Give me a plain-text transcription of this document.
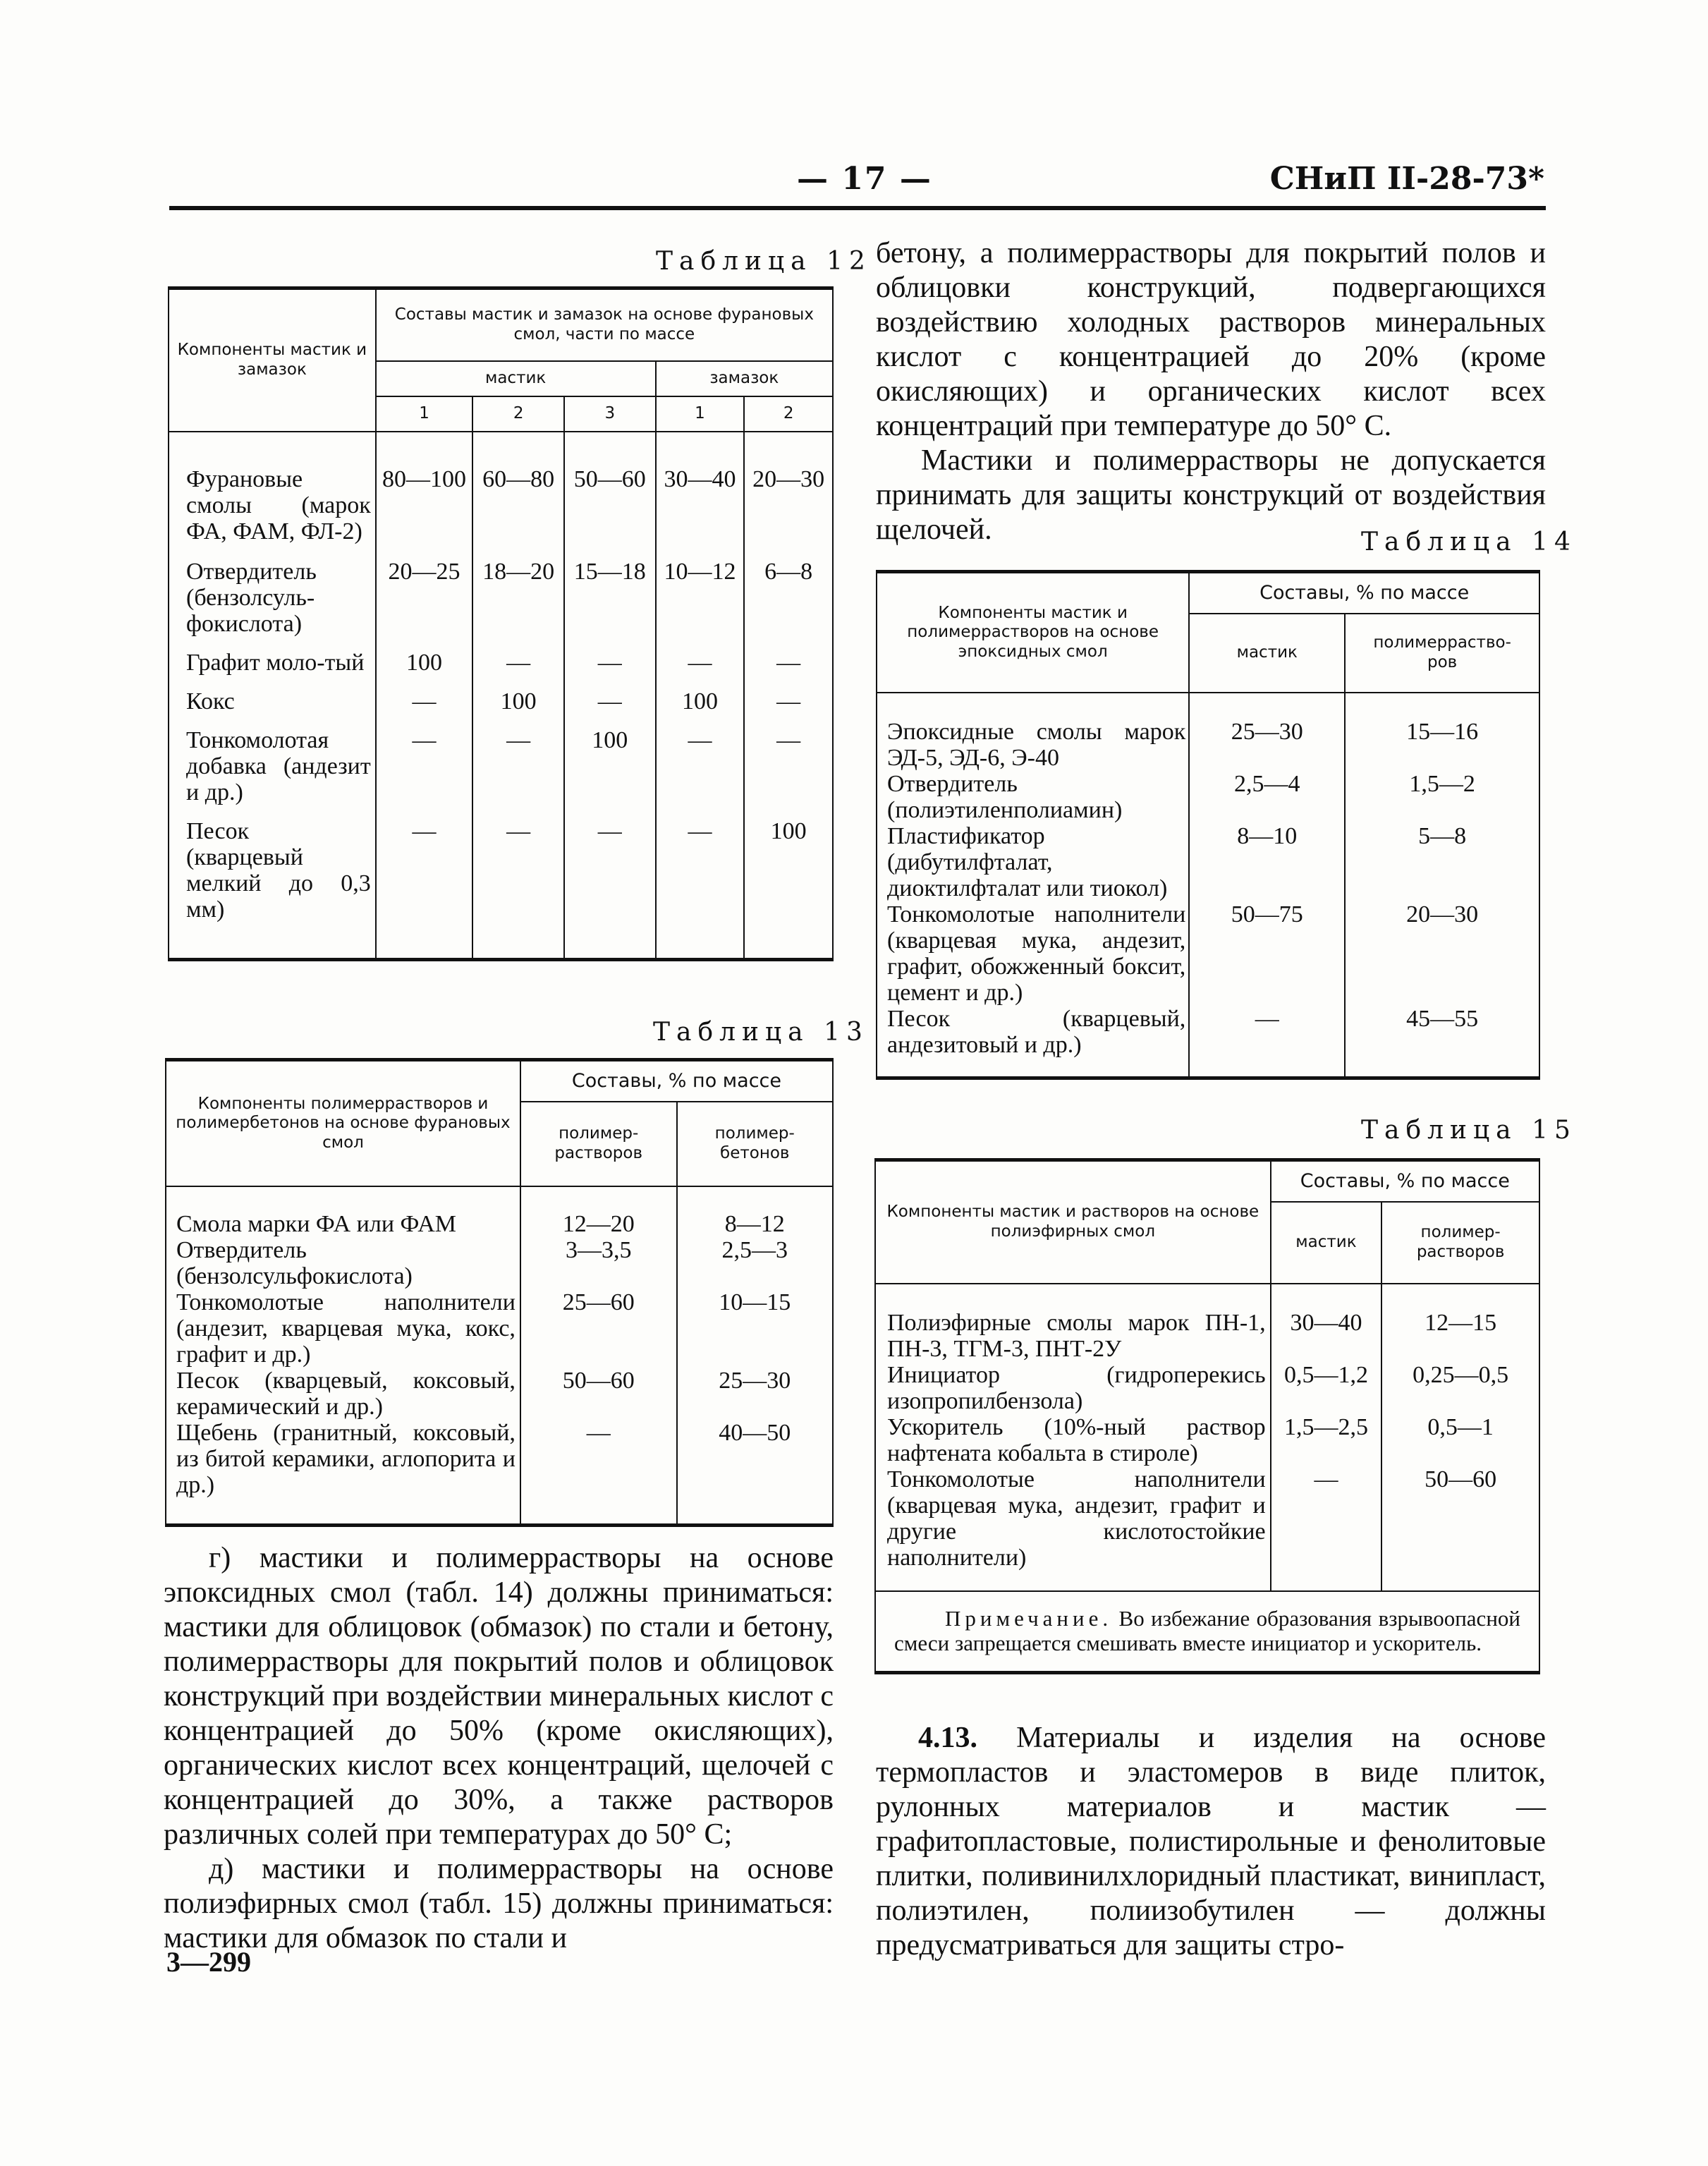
— 17 —	СНиП II-28-73*
Таблица 12
Компоненты мастик и замазок	Составы мастик и замазок на основе фурановых смол, части по массе				
	мастик			замазок	
	1	2	3	1	2
Фурановые смолы (марок ФА, ФАМ, ФЛ-2)	80—100	60—80	50—60	30—40	20—30
Отвердитель (бензолсуль-фокислота)	20—25	18—20	15—18	10—12	6—8
Графит моло-тый	100	—	—	—	—
Кокс	—	100	—	100	—
Тонкомолотая добавка (андезит и др.)	—	—	100	—	—
Песок (кварцевый мелкий до 0,3 мм)	—	—	—	—	100
Таблица 13
Компоненты полимеррастворов и полимербетонов на основе фурановых смол	Составы, % по массе	
	полимер-растворов	полимер-бетонов
Смола марки ФА или ФАМ	12—20	8—12
Отвердитель (бензолсульфокислота)	3—3,5	2,5—3
Тонкомолотые наполнители (андезит, кварцевая мука, кокс, графит и др.)	25—60	10—15
Песок (кварцевый, коксовый, керамический и др.)	50—60	25—30
Щебень (гранитный, коксовый, из битой керамики, аглопорита и др.)	—	40—50

г) мастики и полимеррастворы на основе эпоксидных смол (табл. 14) должны приниматься: мастики для облицовок (обмазок) по стали и бетону, полимеррастворы для покрытий полов и облицовок конструкций при воздействии минеральных кислот с концентрацией до 50% (кроме окисляющих), органических кислот всех концентраций, щелочей с концентрацией до 30%, а также растворов различных солей при температурах до 50° С;

д) мастики и полимеррастворы на основе полиэфирных смол (табл. 15) должны приниматься: мастики для обмазок по стали и

3—299

бетону, а полимеррастворы для покрытий полов и облицовки конструкций, подвергающихся воздействию холодных растворов минеральных кислот с концентрацией до 20% (кроме окисляющих) и органических кислот всех концентраций при температуре до 50° С.

Мастики и полимеррастворы не допускается принимать для защиты конструкций от воздействия щелочей.	Таблица 14
Компоненты мастик и полимеррастворов на основе эпоксидных смол	Составы, % по массе	
	мастик	полимерраство-ров
Эпоксидные смолы марок ЭД-5, ЭД-6, Э-40	25—30	15—16
Отвердитель (полиэтиленполиамин)	2,5—4	1,5—2
Пластификатор (дибутилфталат, диоктилфталат или тиокол)	8—10	5—8
Тонкомолотые наполнители (кварцевая мука, андезит, графит, обожженный боксит, цемент и др.)	50—75	20—30
Песок (кварцевый, андезитовый и др.)	—	45—55
Таблица 15
Компоненты мастик и растворов на основе полиэфирных смол	Составы, % по массе	
	мастик	полимер-растворов
Полиэфирные смолы марок ПН-1, ПН-3, ТГМ-3, ПНТ-2У	30—40	12—15
Инициатор (гидроперекись изопропилбензола)	0,5—1,2	0,25—0,5
Ускоритель (10%-ный раствор нафтената кобальта в стироле)	1,5—2,5	0,5—1
Тонкомолотые наполнители (кварцевая мука, андезит, графит и другие кислотостойкие наполнители)	—	50—60
Примечание. Во избежание образования взрывоопасной смеси запрещается смешивать вместе инициатор и ускоритель.		

4.13. Материалы и изделия на основе термопластов и эластомеров в виде плиток, рулонных материалов и мастик — графитопластовые, полистирольные и фенолитовые плитки, поливинилхлоридный пластикат, винипласт, полиэтилен, полиизобутилен — должны предусматриваться для защиты стро-
